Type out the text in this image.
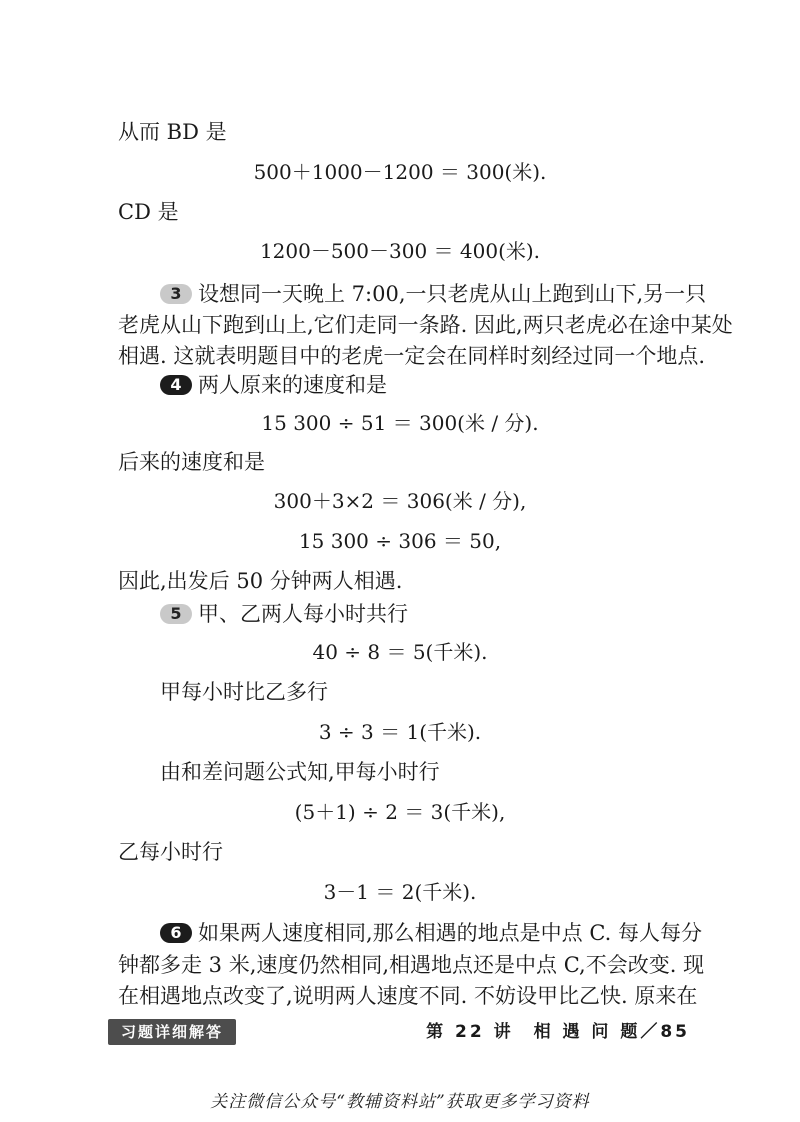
从而 BD 是
500＋1000－1200 ＝ 300(米).
CD 是
1200－500－300 ＝ 400(米).
3 设想同一天晚上 7:00,一只老虎从山上跑到山下,另一只
老虎从山下跑到山上,它们走同一条路. 因此,两只老虎必在途中某处
相遇. 这就表明题目中的老虎一定会在同样时刻经过同一个地点.
4 两人原来的速度和是
15 300 ÷ 51 ＝ 300(米 / 分).
后来的速度和是
300＋3×2 ＝ 306(米 / 分),
15 300 ÷ 306 ＝ 50,
因此,出发后 50 分钟两人相遇.
5 甲、乙两人每小时共行
40 ÷ 8 ＝ 5(千米).
甲每小时比乙多行
3 ÷ 3 ＝ 1(千米).
由和差问题公式知,甲每小时行
(5＋1) ÷ 2 ＝ 3(千米),
乙每小时行
3－1 ＝ 2(千米).
6 如果两人速度相同,那么相遇的地点是中点 C. 每人每分
钟都多走 3 米,速度仍然相同,相遇地点还是中点 C,不会改变. 现
在相遇地点改变了,说明两人速度不同. 不妨设甲比乙快. 原来在
习题详细解答	第 22 讲　相 遇 问 题／85
关注微信公众号“教辅资料站”获取更多学习资料
